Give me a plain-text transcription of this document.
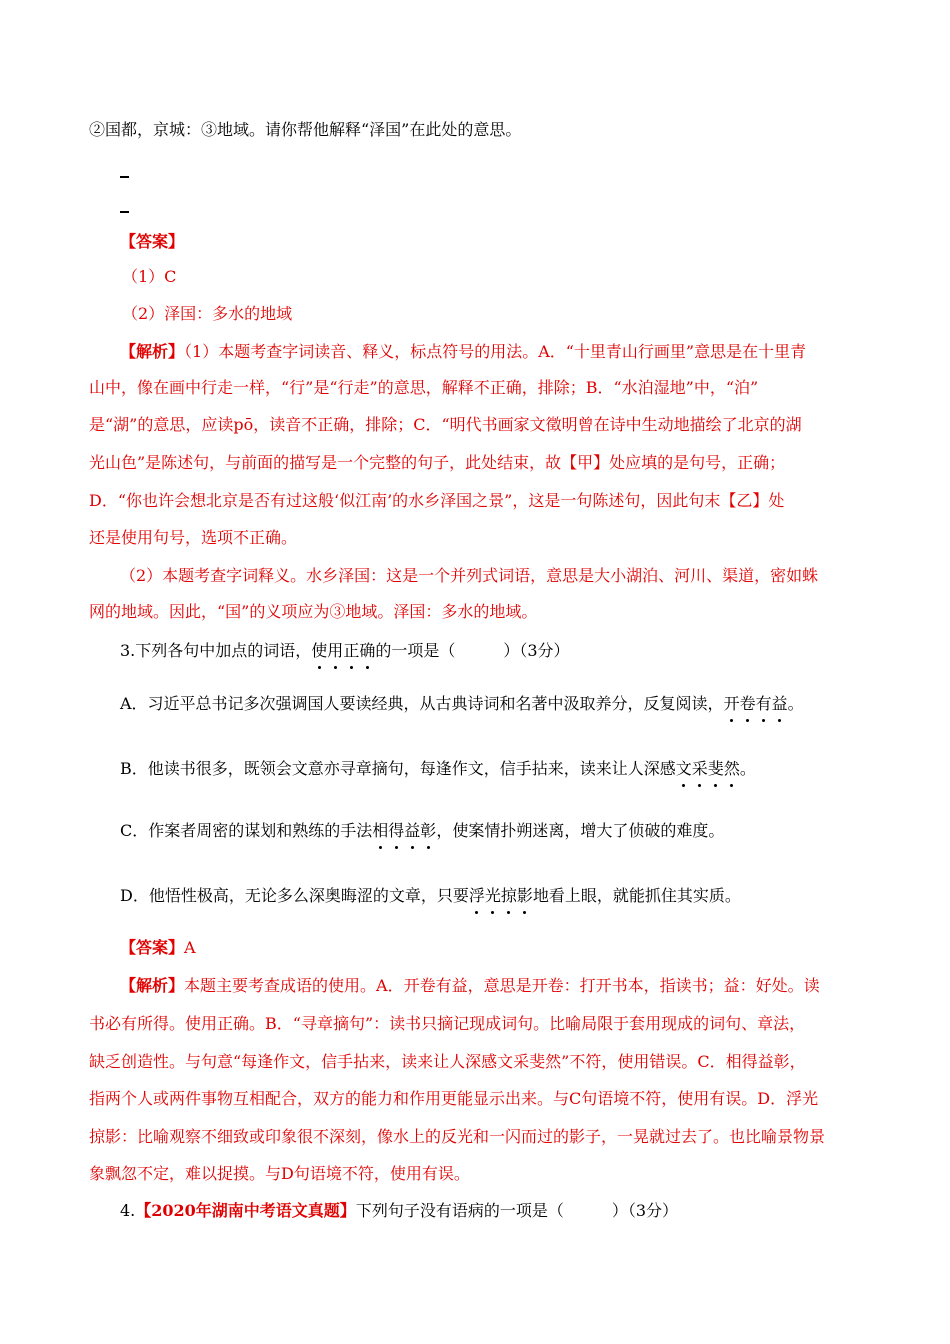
②国都，京城：③地域。请你帮他解释“泽国”在此处的意思。
【答案】
（1）C
（2）泽国：多水的地域
【解析】（1）本题考查字词读音、释义，标点符号的用法。A．“十里青山行画里”意思是在十里青
山中，像在画中行走一样，“行”是“行走”的意思，解释不正确，排除；B．“水泊湿地”中，“泊”
是“湖”的意思，应读pō，读音不正确，排除；C．“明代书画家文徵明曾在诗中生动地描绘了北京的湖
光山色”是陈述句，与前面的描写是一个完整的句子，此处结束，故【甲】处应填的是句号，正确；
D．“你也许会想北京是否有过这般‘似江南’的水乡泽国之景”，这是一句陈述句，因此句末【乙】处
还是使用句号，选项不正确。
（2）本题考查字词释义。水乡泽国：这是一个并列式词语，意思是大小湖泊、河川、渠道，密如蛛
网的地域。因此，“国”的义项应为③地域。泽国：多水的地域。
3.下列各句中加点的词语，使用正确的一项是（　　　）（3分）
A．习近平总书记多次强调国人要读经典，从古典诗词和名著中汲取养分，反复阅读，开卷有益。
B．他读书很多，既领会文意亦寻章摘句，每逢作文，信手拈来，读来让人深感文采斐然。
C．作案者周密的谋划和熟练的手法相得益彰，使案情扑朔迷离，增大了侦破的难度。
D．他悟性极高，无论多么深奥晦涩的文章，只要浮光掠影地看上眼，就能抓住其实质。
【答案】A
【解析】本题主要考查成语的使用。A．开卷有益，意思是开卷：打开书本，指读书；益：好处。读
书必有所得。使用正确。B．“寻章摘句”：读书只摘记现成词句。比喻局限于套用现成的词句、章法，
缺乏创造性。与句意“每逢作文，信手拈来，读来让人深感文采斐然”不符，使用错误。C．相得益彰，
指两个人或两件事物互相配合，双方的能力和作用更能显示出来。与C句语境不符，使用有误。D．浮光
掠影：比喻观察不细致或印象很不深刻，像水上的反光和一闪而过的影子，一晃就过去了。也比喻景物景
象飘忽不定，难以捉摸。与D句语境不符，使用有误。
4.【2020年湖南中考语文真题】下列句子没有语病的一项是（　　　）（3分）
